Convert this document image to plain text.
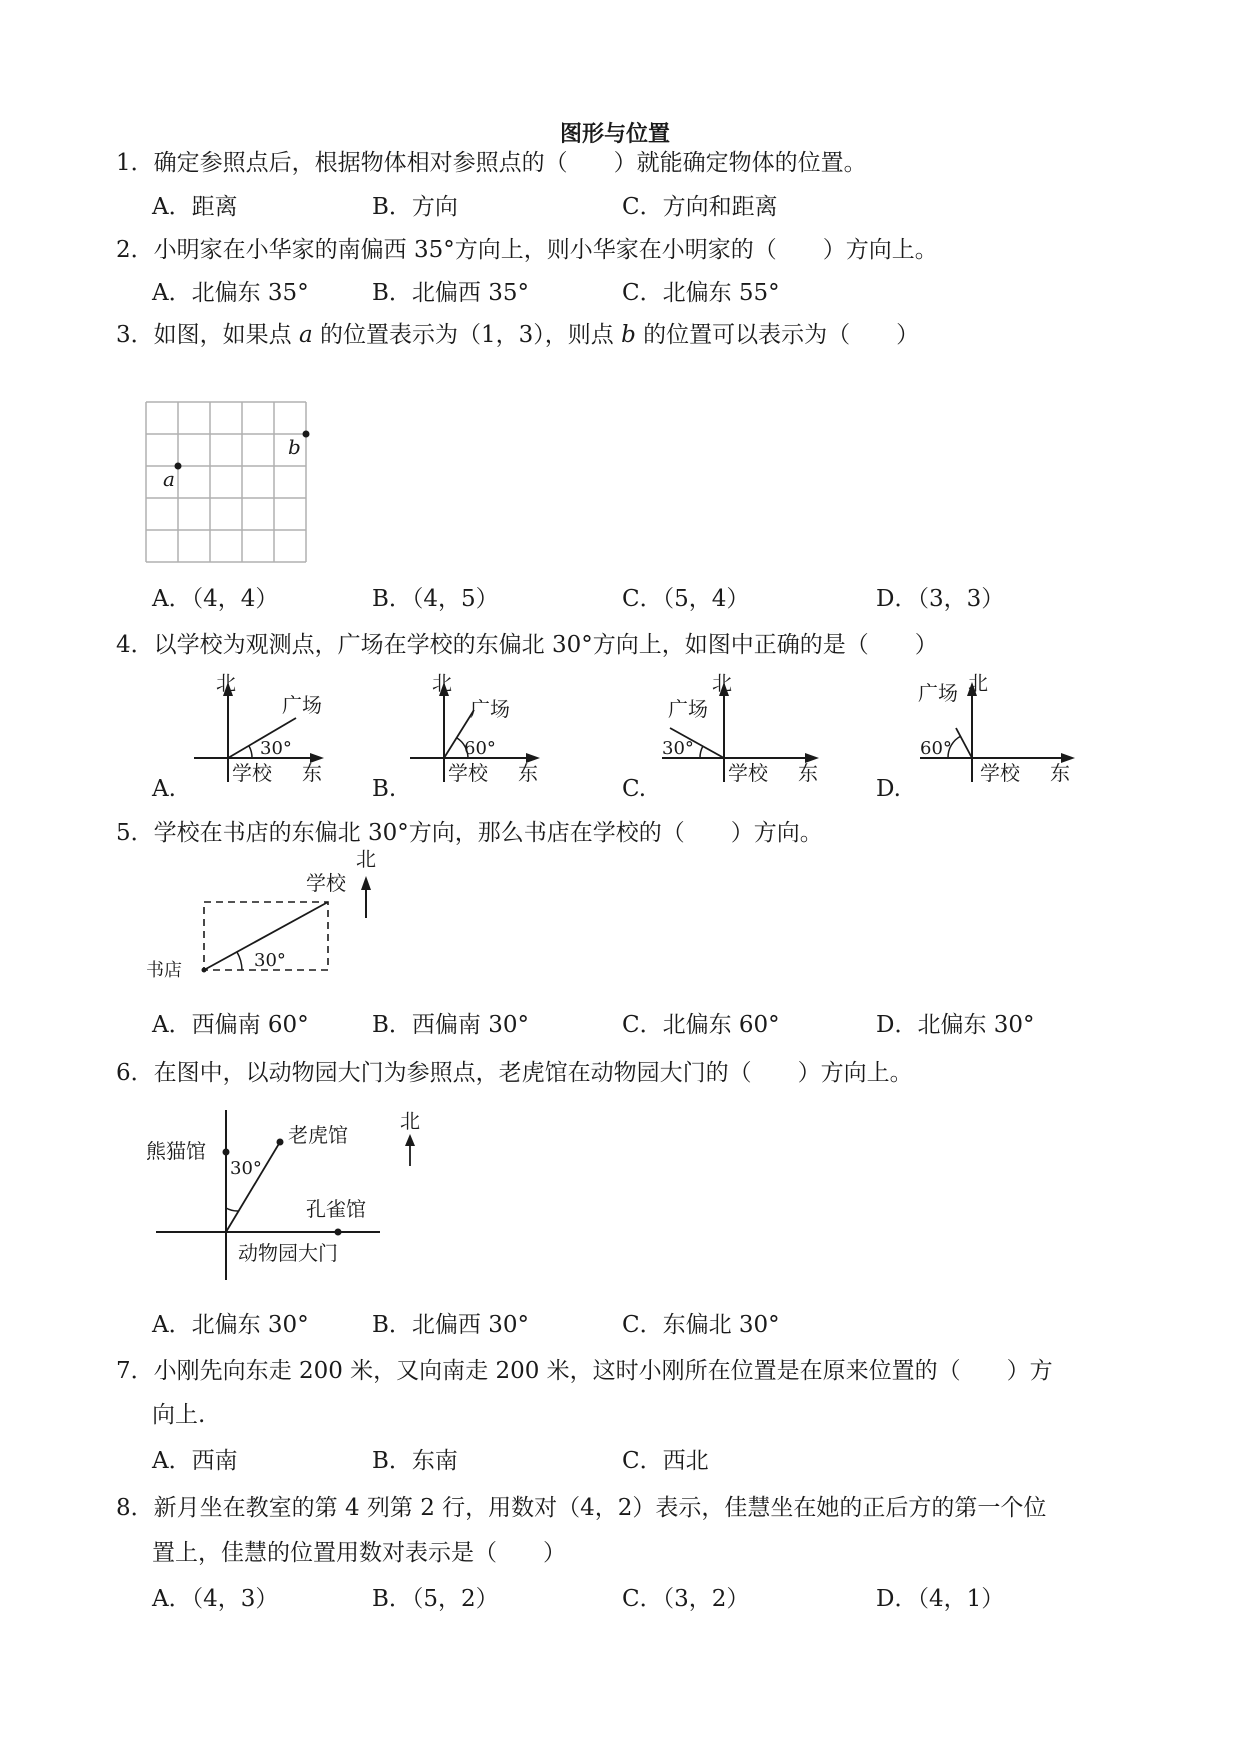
图形与位置
1．确定参照点后，根据物体相对参照点的（　　）就能确定物体的位置。
A．距离	B．方向	C．方向和距离
2．小明家在小华家的南偏西 35°方向上，则小华家在小明家的（　　）方向上。
A．北偏东 35°	B．北偏西 35°	C．北偏东 55°
3．如图，如果点 a 的位置表示为（1，3），则点 b 的位置可以表示为（　　）
a
b
A．（4，4）	B．（4，5）	C．（5，4）	D．（3，3）
4．以学校为观测点，广场在学校的东偏北 30°方向上，如图中正确的是（　　）
A.
北
广场
30°
学校 东
B.
北
广场
60°
学校 东
C.
北
广场
30°
学校 东
D.
广场 北
60°
学校 东
5．学校在书店的东偏北 30°方向，那么书店在学校的（　　）方向。
学校
北
书店	30°
A．西偏南 60°	B．西偏南 30°	C．北偏东 60°	D．北偏东 30°
6．在图中，以动物园大门为参照点，老虎馆在动物园大门的（　　）方向上。
熊猫馆
老虎馆
30°
孔雀馆
动物园大门
北
A．北偏东 30°	B．北偏西 30°	C．东偏北 30°
7．小刚先向东走 200 米，又向南走 200 米，这时小刚所在位置是在原来位置的（　　）方
向上.
A．西南	B．东南	C．西北
8．新月坐在教室的第 4 列第 2 行，用数对（4，2）表示，佳慧坐在她的正后方的第一个位
置上，佳慧的位置用数对表示是（　　）
A．（4，3）	B．（5，2）	C．（3，2）	D．（4，1）
